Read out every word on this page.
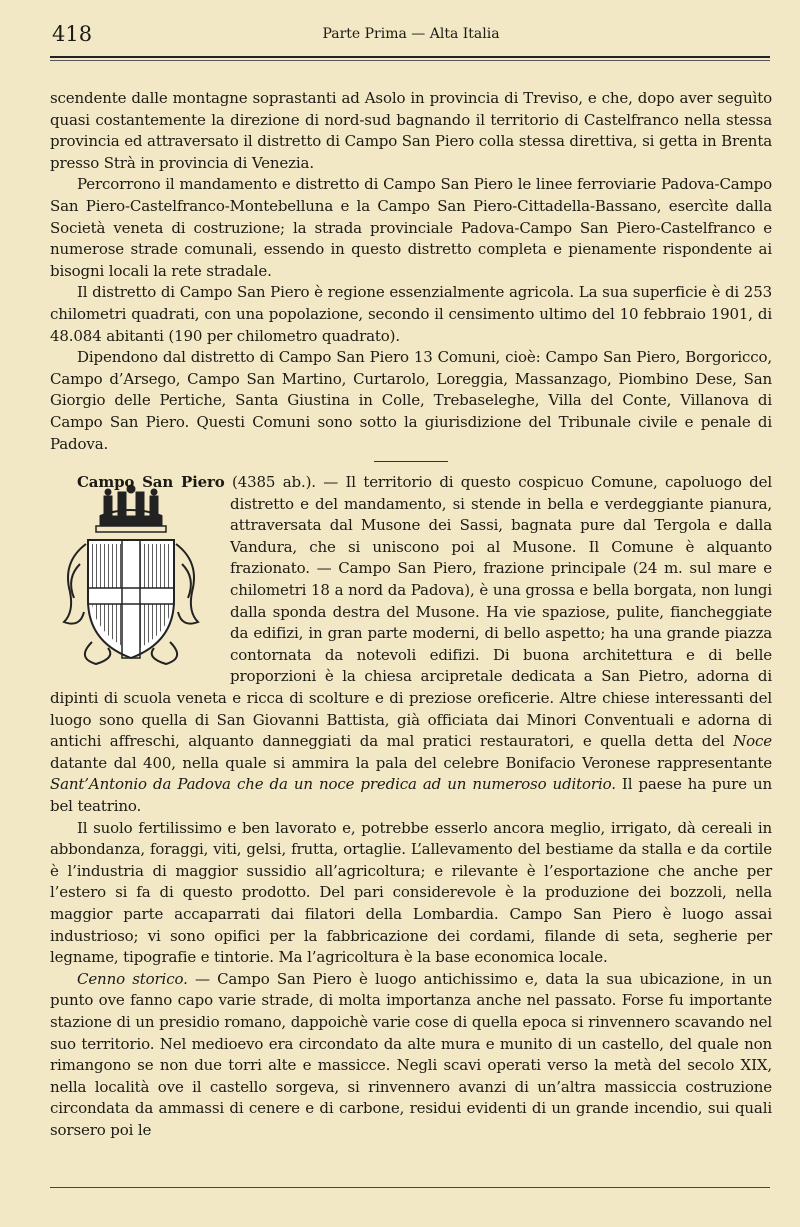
418	Parte Prima — Alta Italia

scendente dalle montagne soprastanti ad Asolo in provincia di Treviso, e che, dopo aver seguìto quasi costantemente la direzione di nord-sud bagnando il territorio di Castelfranco nella stessa provincia ed attraversato il distretto di Campo San Piero colla stessa direttiva, si getta in Brenta presso Strà in provincia di Venezia.

Percorrono il mandamento e distretto di Campo San Piero le linee ferroviarie Padova-Campo San Piero-Castelfranco-Montebelluna e la Campo San Piero-Cittadella-Bassano, esercìte dalla Società veneta di costruzione; la strada provinciale Padova-Campo San Piero-Castelfranco e numerose strade comunali, essendo in questo distretto completa e pienamente rispondente ai bisogni locali la rete stradale.

Il distretto di Campo San Piero è regione essenzialmente agricola. La sua superficie è di 253 chilometri quadrati, con una popolazione, secondo il censimento ultimo del 10 febbraio 1901, di 48.084 abitanti (190 per chilometro quadrato).

Dipendono dal distretto di Campo San Piero 13 Comuni, cioè: Campo San Piero, Borgoricco, Campo d’Arsego, Campo San Martino, Curtarolo, Loreggia, Massanzago, Piombino Dese, San Giorgio delle Pertiche, Santa Giustina in Colle, Trebaseleghe, Villa del Conte, Villanova di Campo San Piero. Questi Comuni sono sotto la giurisdizione del Tribunale civile e penale di Padova.

Campo San Piero
(4385 ab.). — Il territorio di questo cospicuo Comune, capoluogo del distretto e del mandamento, si stende in bella e verdeggiante pianura, attraversata dal Musone dei Sassi, bagnata pure dal Tergola e dalla Vandura, che si uniscono poi al Musone. Il Comune è alquanto frazionato. — Campo San Piero, frazione principale (24 m. sul mare e chilometri 18 a nord da Padova), è una grossa e bella borgata, non lungi dalla sponda destra del Musone. Ha vie spaziose, pulite, fiancheggiate da edifizi, in gran parte moderni, di bello aspetto; ha una grande piazza contornata da notevoli edifizi. Di buona architettura e di belle proporzioni è la chiesa arcipretale dedicata a San Pietro, adorna di dipinti di scuola veneta e ricca di scolture e di preziose oreficerie. Altre chiese interessanti del luogo sono quella di San Giovanni Battista, già officiata dai Minori Conventuali e adorna di antichi affreschi, alquanto danneggiati da mal pratici restauratori, e quella detta del Noce datante dal 400, nella quale si ammira la pala del celebre Bonifacio Veronese rappresentante Sant’Antonio da Padova che da un noce predica ad un numeroso uditorio. Il paese ha pure un bel teatrino.

Il suolo fertilissimo e ben lavorato e, potrebbe esserlo ancora meglio, irrigato, dà cereali in abbondanza, foraggi, viti, gelsi, frutta, ortaglie. L’allevamento del bestiame da stalla e da cortile è l’industria di maggior sussidio all’agricoltura; e rilevante è l’esportazione che anche per l’estero si fa di questo prodotto. Del pari considerevole è la produzione dei bozzoli, nella maggior parte accaparrati dai filatori della Lombardia. Campo San Piero è luogo assai industrioso; vi sono opifici per la fabbricazione dei cordami, filande di seta, segherie per legname, tipografie e tintorie. Ma l’agricoltura è la base economica locale.

Cenno storico. — Campo San Piero è luogo antichissimo e, data la sua ubicazione, in un punto ove fanno capo varie strade, di molta importanza anche nel passato. Forse fu importante stazione di un presidio romano, dappoichè varie cose di quella epoca si rinvennero scavando nel suo territorio. Nel medioevo era circondato da alte mura e munito di un castello, del quale non rimangono se non due torri alte e massicce. Negli scavi operati verso la metà del secolo XIX, nella località ove il castello sorgeva, si rinvennero avanzi di un’altra massiccia costruzione circondata da ammassi di cenere e di carbone, residui evidenti di un grande incendio, sui quali sorsero poi le
